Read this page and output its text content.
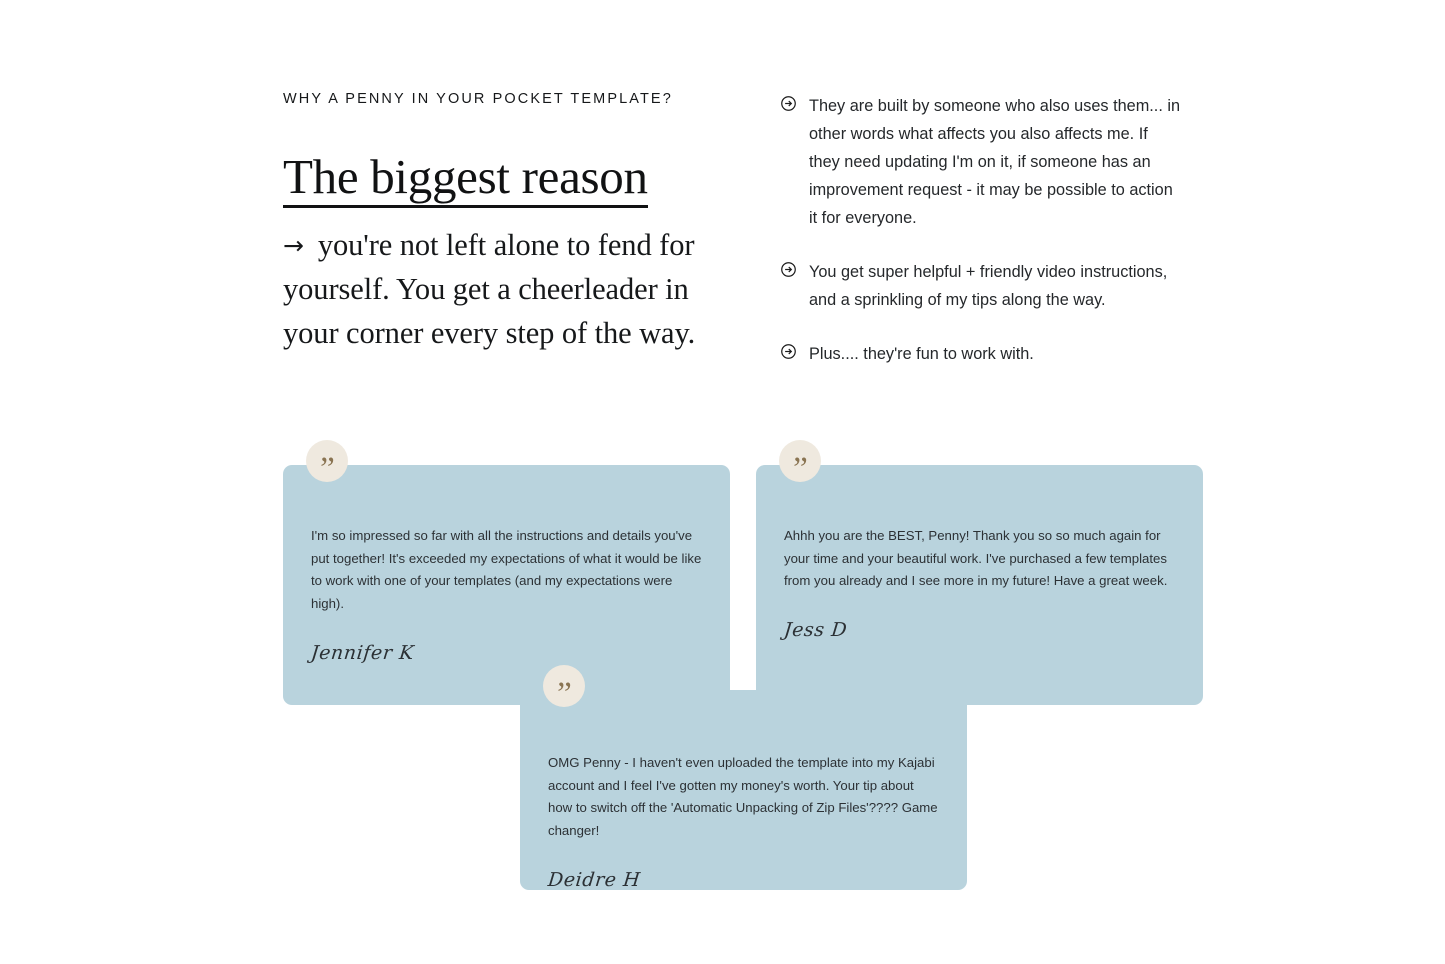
WHY A PENNY IN YOUR POCKET TEMPLATE?

The biggest reason

→ you're not left alone to fend for yourself. You get a cheerleader in your corner every step of the way.

They are built by someone who also uses them... in other words what affects you also affects me. If they need updating I'm on it, if someone has an improvement request - it may be possible to action it for everyone.
You get super helpful + friendly video instructions, and a sprinkling of my tips along the way.
Plus.... they're fun to work with.
”

I'm so impressed so far with all the instructions and details you've put together! It's exceeded my expectations of what it would be like to work with one of your templates (and my expectations were high).

Jennifer K
”

Ahhh you are the BEST, Penny! Thank you so so much again for your time and your beautiful work. I've purchased a few templates from you already and I see more in my future! Have a great week.

Jess D
”

OMG Penny - I haven't even uploaded the template into my Kajabi account and I feel I've gotten my money's worth. Your tip about how to switch off the 'Automatic Unpacking of Zip Files'???? Game changer!

Deidre H
